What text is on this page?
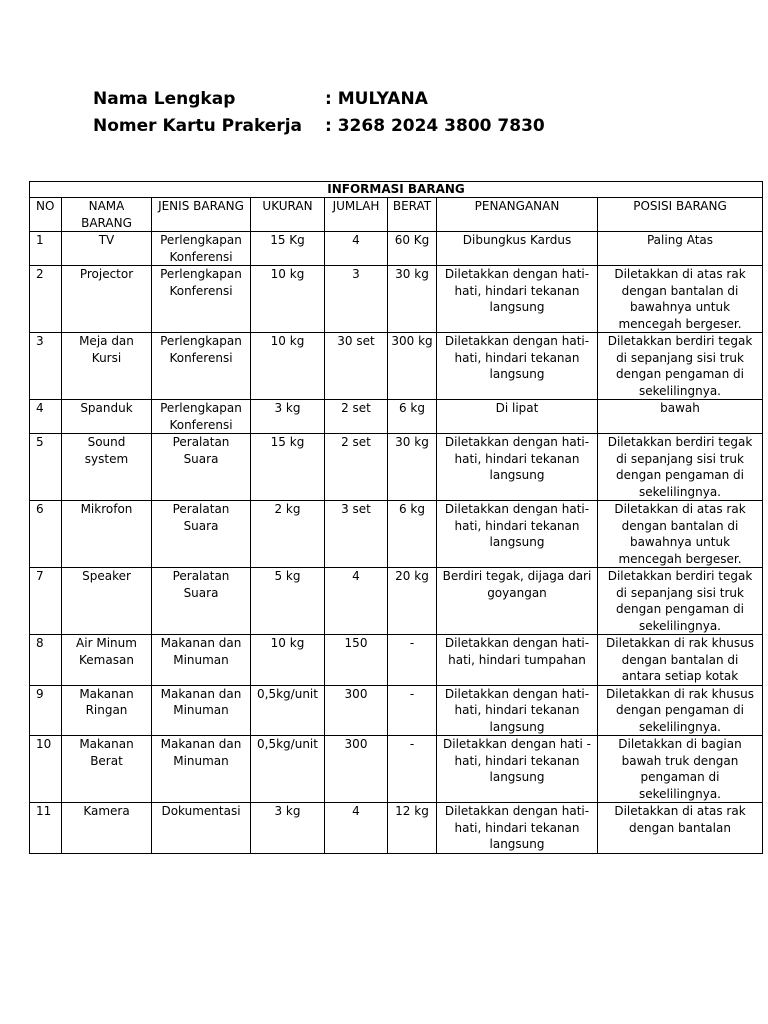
Nama Lengkap	: MULYANA
Nomer Kartu Prakerja	: 3268 2024 3800 7830
INFORMASI BARANG							
NO	NAMA BARANG	JENIS BARANG	UKURAN	JUMLAH	BERAT	PENANGANAN	POSISI BARANG
1	TV	Perlengkapan Konferensi	15 Kg	4	60 Kg	Dibungkus Kardus	Paling Atas
2	Projector	Perlengkapan Konferensi	10 kg	3	30 kg	Diletakkan dengan hati-hati, hindari tekanan langsung	Diletakkan di atas rak dengan bantalan di bawahnya untuk mencegah bergeser.
3	Meja dan Kursi	Perlengkapan Konferensi	10 kg	30 set	300 kg	Diletakkan dengan hati-hati, hindari tekanan langsung	Diletakkan berdiri tegak di sepanjang sisi truk dengan pengaman di sekelilingnya.
4	Spanduk	Perlengkapan Konferensi	3 kg	2 set	6 kg	Di lipat	bawah
5	Sound system	Peralatan Suara	15 kg	2 set	30 kg	Diletakkan dengan hati-hati, hindari tekanan langsung	Diletakkan berdiri tegak di sepanjang sisi truk dengan pengaman di sekelilingnya.
6	Mikrofon	Peralatan Suara	2 kg	3 set	6 kg	Diletakkan dengan hati-hati, hindari tekanan langsung	Diletakkan di atas rak dengan bantalan di bawahnya untuk mencegah bergeser.
7	Speaker	Peralatan Suara	5 kg	4	20 kg	Berdiri tegak, dijaga dari goyangan	Diletakkan berdiri tegak di sepanjang sisi truk dengan pengaman di sekelilingnya.
8	Air Minum Kemasan	Makanan dan Minuman	10 kg	150	-	Diletakkan dengan hati-hati, hindari tumpahan	Diletakkan di rak khusus dengan bantalan di antara setiap kotak
9	Makanan Ringan	Makanan dan Minuman	0,5kg/unit	300	-	Diletakkan dengan hati-hati, hindari tekanan langsung	Diletakkan di rak khusus dengan pengaman di sekelilingnya.
10	Makanan Berat	Makanan dan Minuman	0,5kg/unit	300	-	Diletakkan dengan hati - hati, hindari tekanan langsung	Diletakkan di bagian bawah truk dengan pengaman di sekelilingnya.
11	Kamera	Dokumentasi	3 kg	4	12 kg	Diletakkan dengan hati-hati, hindari tekanan langsung	Diletakkan di atas rak dengan bantalan
